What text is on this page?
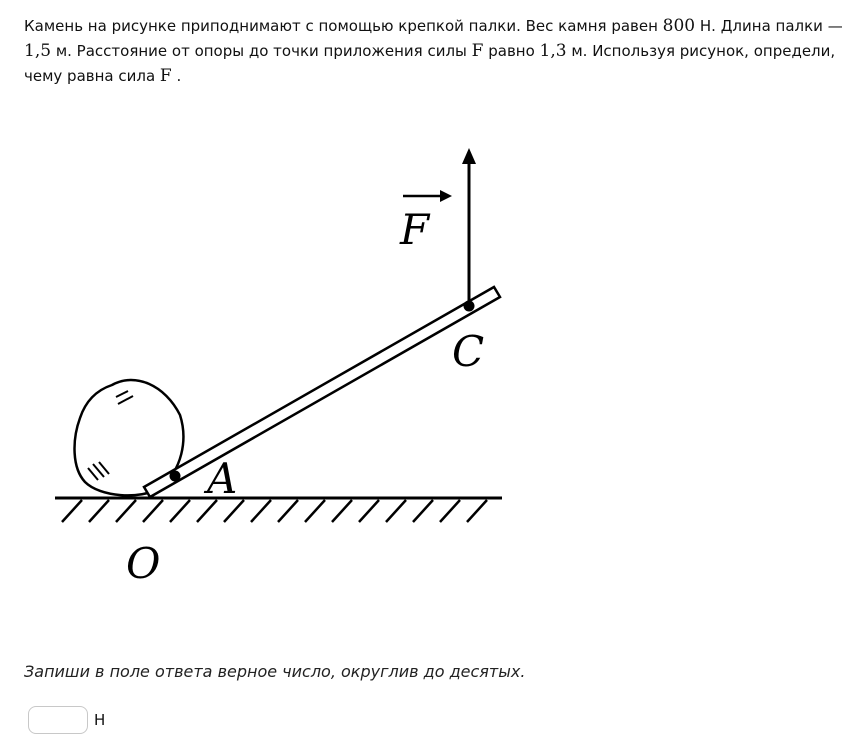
Камень на рисунке приподнимают с помощью крепкой палки. Вес камня равен 800 Н. Длина палки —
1,5 м. Расстояние от опоры до точки приложения силы F равно 1,3 м. Используя рисунок, определи,
чему равна сила F .
F
C
A
O
Запиши в поле ответа верное число, округлив до десятых.
Н
